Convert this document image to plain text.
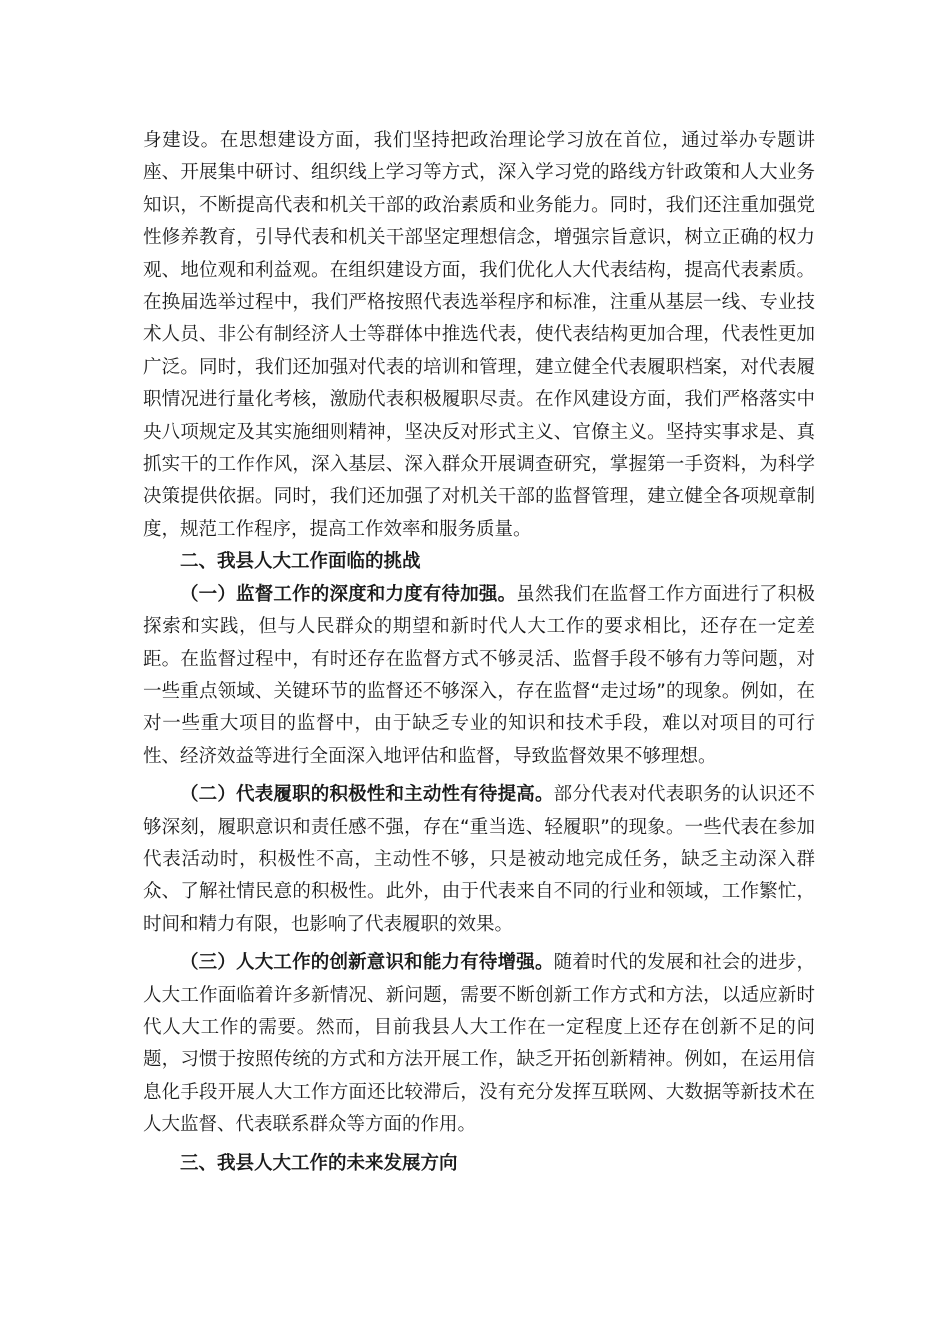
身建设。在思想建设方面，我们坚持把政治理论学习放在首位，通过举办专题讲座、开展集中研讨、组织线上学习等方式，深入学习党的路线方针政策和人大业务知识，不断提高代表和机关干部的政治素质和业务能力。同时，我们还注重加强党性修养教育，引导代表和机关干部坚定理想信念，增强宗旨意识，树立正确的权力观、地位观和利益观。在组织建设方面，我们优化人大代表结构，提高代表素质。在换届选举过程中，我们严格按照代表选举程序和标准，注重从基层一线、专业技术人员、非公有制经济人士等群体中推选代表，使代表结构更加合理，代表性更加广泛。同时，我们还加强对代表的培训和管理，建立健全代表履职档案，对代表履职情况进行量化考核，激励代表积极履职尽责。在作风建设方面，我们严格落实中央八项规定及其实施细则精神，坚决反对形式主义、官僚主义。坚持实事求是、真抓实干的工作作风，深入基层、深入群众开展调查研究，掌握第一手资料，为科学决策提供依据。同时，我们还加强了对机关干部的监督管理，建立健全各项规章制度，规范工作程序，提高工作效率和服务质量。

二、我县人大工作面临的挑战

（一）监督工作的深度和力度有待加强。虽然我们在监督工作方面进行了积极探索和实践，但与人民群众的期望和新时代人大工作的要求相比，还存在一定差距。在监督过程中，有时还存在监督方式不够灵活、监督手段不够有力等问题，对一些重点领域、关键环节的监督还不够深入，存在监督“走过场”的现象。例如，在对一些重大项目的监督中，由于缺乏专业的知识和技术手段，难以对项目的可行性、经济效益等进行全面深入地评估和监督，导致监督效果不够理想。

（二）代表履职的积极性和主动性有待提高。部分代表对代表职务的认识还不够深刻，履职意识和责任感不强，存在“重当选、轻履职”的现象。一些代表在参加代表活动时，积极性不高，主动性不够，只是被动地完成任务，缺乏主动深入群众、了解社情民意的积极性。此外，由于代表来自不同的行业和领域，工作繁忙，时间和精力有限，也影响了代表履职的效果。

（三）人大工作的创新意识和能力有待增强。随着时代的发展和社会的进步，人大工作面临着许多新情况、新问题，需要不断创新工作方式和方法，以适应新时代人大工作的需要。然而，目前我县人大工作在一定程度上还存在创新不足的问题，习惯于按照传统的方式和方法开展工作，缺乏开拓创新精神。例如，在运用信息化手段开展人大工作方面还比较滞后，没有充分发挥互联网、大数据等新技术在人大监督、代表联系群众等方面的作用。

三、我县人大工作的未来发展方向
